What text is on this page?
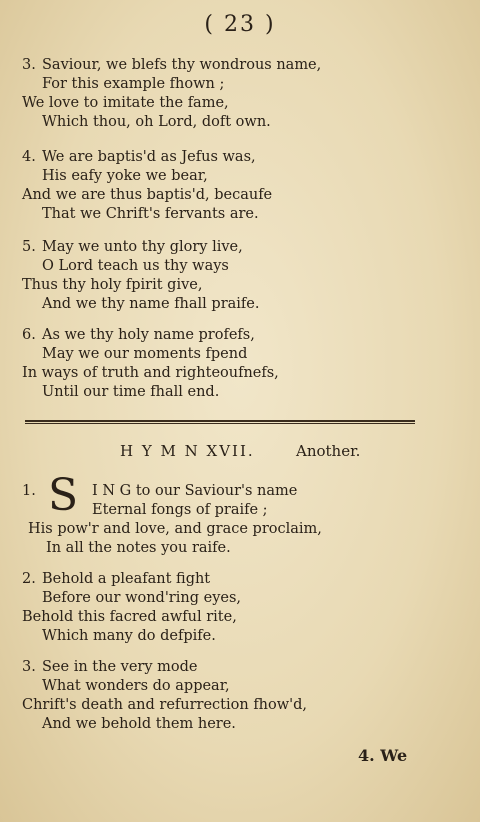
( 23 )
3. Saviour, we blefs thy wondrous name,
For this example fhown ;
We love to imitate the fame,
Which thou, oh Lord, doft own.
4. We are baptis'd as Jefus was,
His eafy yoke we bear,
And we are thus baptis'd, becaufe
That we Chrift's fervants are.
5. May we unto thy glory live,
O Lord teach us thy ways
Thus thy holy fpirit give,
And we thy name fhall praife.
6. As we thy holy name profefs,
May we our moments fpend
In ways of truth and righteoufnefs,
Until our time fhall end.
H Y M N XVII.	Another.
S
1.	I N G to our Saviour's name
Eternal fongs of praife ;
His pow'r and love, and grace proclaim,
In all the notes you raife.
2. Behold a pleafant fight
Before our wond'ring eyes,
Behold this facred awful rite,
Which many do defpife.
3. See in the very mode
What wonders do appear,
Chrift's death and refurrection fhow'd,
And we behold them here.
4. We
